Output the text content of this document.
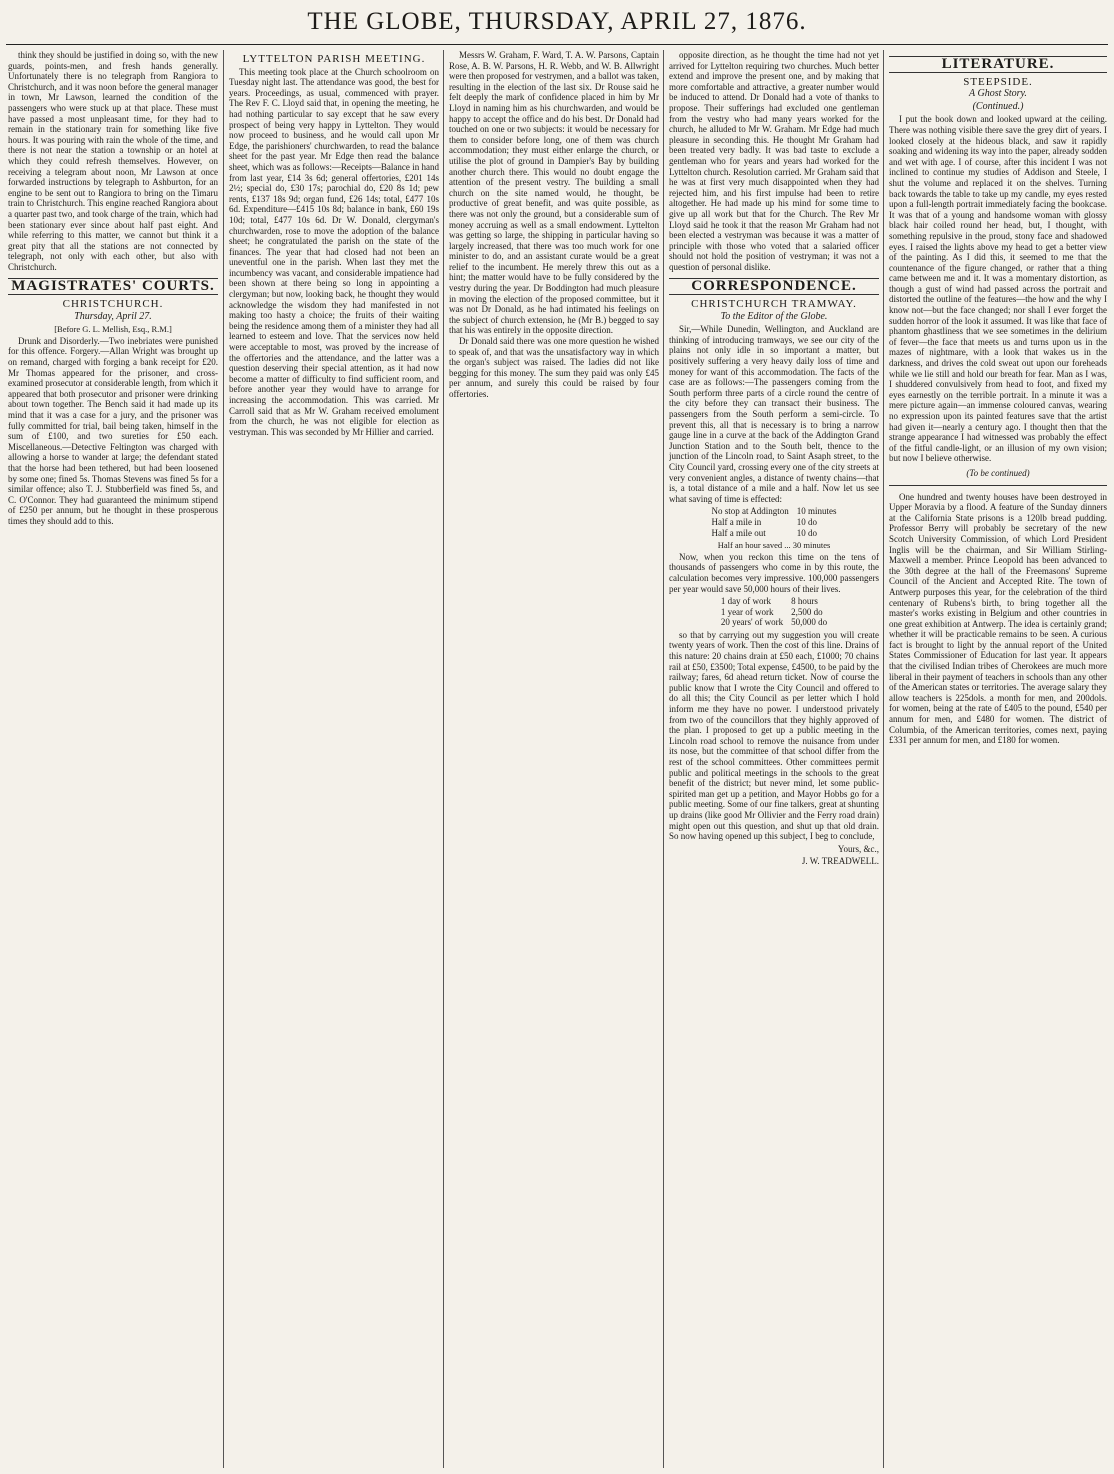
THE GLOBE, THURSDAY, APRIL 27, 1876.

think they should be justified in doing so, with the new guards, points-men, and fresh hands generally. Unfortunately there is no telegraph from Rangiora to Christchurch, and it was noon before the general manager in town, Mr Lawson, learned the condition of the passengers who were stuck up at that place. These must have passed a most unpleasant time, for they had to remain in the stationary train for something like five hours. It was pouring with rain the whole of the time, and there is not near the station a township or an hotel at which they could refresh themselves. However, on receiving a telegram about noon, Mr Lawson at once forwarded instructions by telegraph to Ashburton, for an engine to be sent out to Rangiora to bring on the Timaru train to Christchurch. This engine reached Rangiora about a quarter past two, and took charge of the train, which had been stationary ever since about half past eight. And while referring to this matter, we cannot but think it a great pity that all the stations are not connected by telegraph, not only with each other, but also with Christchurch.

MAGISTRATES' COURTS.
CHRISTCHURCH.
Thursday, April 27.
[Before G. L. Mellish, Esq., R.M.]

Drunk and Disorderly.—Two inebriates were punished for this offence. Forgery.—Allan Wright was brought up on remand, charged with forging a bank receipt for £20. Mr Thomas appeared for the prisoner, and cross-examined prosecutor at considerable length, from which it appeared that both prosecutor and prisoner were drinking about town together. The Bench said it had made up its mind that it was a case for a jury, and the prisoner was fully committed for trial, bail being taken, himself in the sum of £100, and two sureties for £50 each. Miscellaneous.—Detective Feltington was charged with allowing a horse to wander at large; the defendant stated that the horse had been tethered, but had been loosened by some one; fined 5s. Thomas Stevens was fined 5s for a similar offence; also T. J. Stubberfield was fined 5s, and C. O'Connor. They had guaranteed the minimum stipend of £250 per annum, but he thought in these prosperous times they should add to this.

LYTTELTON PARISH MEETING.

This meeting took place at the Church schoolroom on Tuesday night last. The attendance was good, the best for years. Proceedings, as usual, commenced with prayer. The Rev F. C. Lloyd said that, in opening the meeting, he had nothing particular to say except that he saw every prospect of being very happy in Lyttelton. They would now proceed to business, and he would call upon Mr Edge, the parishioners' churchwarden, to read the balance sheet for the past year. Mr Edge then read the balance sheet, which was as follows:—Receipts—Balance in hand from last year, £14 3s 6d; general offertories, £201 14s 2½; special do, £30 17s; parochial do, £20 8s 1d; pew rents, £137 18s 9d; organ fund, £26 14s; total, £477 10s 6d. Expenditure—£415 10s 8d; balance in bank, £60 19s 10d; total, £477 10s 6d. Dr W. Donald, clergyman's churchwarden, rose to move the adoption of the balance sheet; he congratulated the parish on the state of the finances. The year that had closed had not been an uneventful one in the parish. When last they met the incumbency was vacant, and considerable impatience had been shown at there being so long in appointing a clergyman; but now, looking back, he thought they would acknowledge the wisdom they had manifested in not making too hasty a choice; the fruits of their waiting being the residence among them of a minister they had all learned to esteem and love. That the services now held were acceptable to most, was proved by the increase of the offertories and the attendance, and the latter was a question deserving their special attention, as it had now become a matter of difficulty to find sufficient room, and before another year they would have to arrange for increasing the accommodation. This was carried. Mr Carroll said that as Mr W. Graham received emolument from the church, he was not eligible for election as vestryman. This was seconded by Mr Hillier and carried.

Messrs W. Graham, F. Ward, T. A. W. Parsons, Captain Rose, A. B. W. Parsons, H. R. Webb, and W. B. Allwright were then proposed for vestrymen, and a ballot was taken, resulting in the election of the last six. Dr Rouse said he felt deeply the mark of confidence placed in him by Mr Lloyd in naming him as his churchwarden, and would be happy to accept the office and do his best. Dr Donald had touched on one or two subjects: it would be necessary for them to consider before long, one of them was church accommodation; they must either enlarge the church, or utilise the plot of ground in Dampier's Bay by building another church there. This would no doubt engage the attention of the present vestry. The building a small church on the site named would, he thought, be productive of great benefit, and was quite possible, as there was not only the ground, but a considerable sum of money accruing as well as a small endowment. Lyttelton was getting so large, the shipping in particular having so largely increased, that there was too much work for one minister to do, and an assistant curate would be a great relief to the incumbent. He merely threw this out as a hint; the matter would have to be fully considered by the vestry during the year. Dr Boddington had much pleasure in moving the election of the proposed committee, but it was not Dr Donald, as he had intimated his feelings on the subject of church extension, he (Mr B.) begged to say that his was entirely in the opposite direction.

Dr Donald said there was one more question he wished to speak of, and that was the unsatisfactory way in which the organ's subject was raised. The ladies did not like begging for this money. The sum they paid was only £45 per annum, and surely this could be raised by four offertories.

opposite direction, as he thought the time had not yet arrived for Lyttelton requiring two churches. Much better extend and improve the present one, and by making that more comfortable and attractive, a greater number would be induced to attend. Dr Donald had a vote of thanks to propose. Their sufferings had excluded one gentleman from the vestry who had many years worked for the church, he alluded to Mr W. Graham. Mr Edge had much pleasure in seconding this. He thought Mr Graham had been treated very badly. It was bad taste to exclude a gentleman who for years and years had worked for the Lyttelton church. Resolution carried. Mr Graham said that he was at first very much disappointed when they had rejected him, and his first impulse had been to retire altogether. He had made up his mind for some time to give up all work but that for the Church. The Rev Mr Lloyd said he took it that the reason Mr Graham had not been elected a vestryman was because it was a matter of principle with those who voted that a salaried officer should not hold the position of vestryman; it was not a question of personal dislike.

CORRESPONDENCE.
CHRISTCHURCH TRAMWAY.
To the Editor of the Globe.

Sir,—While Dunedin, Wellington, and Auckland are thinking of introducing tramways, we see our city of the plains not only idle in so important a matter, but positively suffering a very heavy daily loss of time and money for want of this accommodation. The facts of the case are as follows:—The passengers coming from the South perform three parts of a circle round the centre of the city before they can transact their business. The passengers from the South perform a semi-circle. To prevent this, all that is necessary is to bring a narrow gauge line in a curve at the back of the Addington Grand Junction Station and to the South belt, thence to the junction of the Lincoln road, to Saint Asaph street, to the City Council yard, crossing every one of the city streets at very convenient angles, a distance of twenty chains—that is, a total distance of a mile and a half. Now let us see what saving of time is effected:

No stop at Addington	10 minutes
Half a mile in	10 do
Half a mile out	10 do
Half an hour saved ... 30 minutes

Now, when you reckon this time on the tens of thousands of passengers who come in by this route, the calculation becomes very impressive. 100,000 passengers per year would save 50,000 hours of their lives.

1 day of work	8 hours
1 year of work	2,500 do
20 years' of work	50,000 do

so that by carrying out my suggestion you will create twenty years of work. Then the cost of this line. Drains of this nature: 20 chains drain at £50 each, £1000; 70 chains rail at £50, £3500; Total expense, £4500, to be paid by the railway; fares, 6d ahead return ticket. Now of course the public know that I wrote the City Council and offered to do all this; the City Council as per letter which I hold inform me they have no power. I understood privately from two of the councillors that they highly approved of the plan. I proposed to get up a public meeting in the Lincoln road school to remove the nuisance from under its nose, but the committee of that school differ from the rest of the school committees. Other committees permit public and political meetings in the schools to the great benefit of the district; but never mind, let some public-spirited man get up a petition, and Mayor Hobbs go for a public meeting. Some of our fine talkers, great at shunting up drains (like good Mr Ollivier and the Ferry road drain) might open out this question, and shut up that old drain. So now having opened up this subject, I beg to conclude,

Yours, &c.,
J. W. TREADWELL.
LITERATURE.
STEEPSIDE.
A Ghost Story.
(Continued.)

I put the book down and looked upward at the ceiling. There was nothing visible there save the grey dirt of years. I looked closely at the hideous black, and saw it rapidly soaking and widening its way into the paper, already sodden and wet with age. I of course, after this incident I was not inclined to continue my studies of Addison and Steele, I shut the volume and replaced it on the shelves. Turning back towards the table to take up my candle, my eyes rested upon a full-length portrait immediately facing the bookcase. It was that of a young and handsome woman with glossy black hair coiled round her head, but, I thought, with something repulsive in the proud, stony face and shadowed eyes. I raised the lights above my head to get a better view of the painting. As I did this, it seemed to me that the countenance of the figure changed, or rather that a thing came between me and it. It was a momentary distortion, as though a gust of wind had passed across the portrait and distorted the outline of the features—the how and the why I know not—but the face changed; nor shall I ever forget the sudden horror of the look it assumed. It was like that face of phantom ghastliness that we see sometimes in the delirium of fever—the face that meets us and turns upon us in the mazes of nightmare, with a look that wakes us in the darkness, and drives the cold sweat out upon our foreheads while we lie still and hold our breath for fear. Man as I was, I shuddered convulsively from head to foot, and fixed my eyes earnestly on the terrible portrait. In a minute it was a mere picture again—an immense coloured canvas, wearing no expression upon its painted features save that the artist had given it—nearly a century ago. I thought then that the strange appearance I had witnessed was probably the effect of the fitful candle-light, or an illusion of my own vision; but now I believe otherwise.

(To be continued)

One hundred and twenty houses have been destroyed in Upper Moravia by a flood. A feature of the Sunday dinners at the California State prisons is a 120lb bread pudding. Professor Berry will probably be secretary of the new Scotch University Commission, of which Lord President Inglis will be the chairman, and Sir William Stirling-Maxwell a member. Prince Leopold has been advanced to the 30th degree at the hall of the Freemasons' Supreme Council of the Ancient and Accepted Rite. The town of Antwerp purposes this year, for the celebration of the third centenary of Rubens's birth, to bring together all the master's works existing in Belgium and other countries in one great exhibition at Antwerp. The idea is certainly grand; whether it will be practicable remains to be seen. A curious fact is brought to light by the annual report of the United States Commissioner of Education for last year. It appears that the civilised Indian tribes of Cherokees are much more liberal in their payment of teachers in schools than any other of the American states or territories. The average salary they allow teachers is 225dols. a month for men, and 200dols. for women, being at the rate of £405 to the pound, £540 per annum for men, and £480 for women. The district of Columbia, of the American territories, comes next, paying £331 per annum for men, and £180 for women.
